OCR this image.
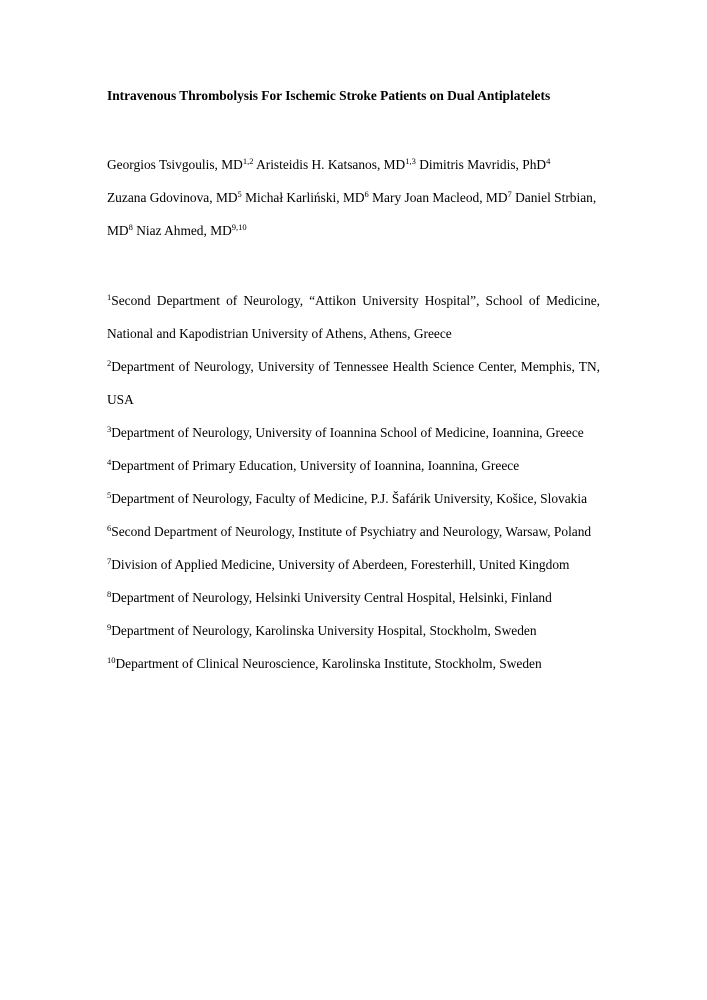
Intravenous Thrombolysis For Ischemic Stroke Patients on Dual Antiplatelets
Georgios Tsivgoulis, MD$^{1,2}$ Aristeidis H. Katsanos, MD$^{1,3}$ Dimitris Mavridis, PhD$^4$ Zuzana Gdovinova, $MD^5$ Michał Karliński, $MD^6$ Mary Joan Macleod, $MD^7$ Daniel Strbian, $MD^8$ Niaz Ahmed, MD$^{9,10}$

$^1$Second Department of Neurology, “Attikon University Hospital”, School of Medicine, National and Kapodistrian University of Athens, Athens, Greece

$^2$Department of Neurology, University of Tennessee Health Science Center, Memphis, TN, USA

$^3$Department of Neurology, University of Ioannina School of Medicine, Ioannina, Greece

$^4$Department of Primary Education, University of Ioannina, Ioannina, Greece

$^5$Department of Neurology, Faculty of Medicine, P.J. Šafárik University, Košice, Slovakia

$^6$Second Department of Neurology, Institute of Psychiatry and Neurology, Warsaw, Poland

$^7$Division of Applied Medicine, University of Aberdeen, Foresterhill, United Kingdom

$^8$Department of Neurology, Helsinki University Central Hospital, Helsinki, Finland

$^9$Department of Neurology, Karolinska University Hospital, Stockholm, Sweden

$^{10}$Department of Clinical Neuroscience, Karolinska Institute, Stockholm, Sweden
